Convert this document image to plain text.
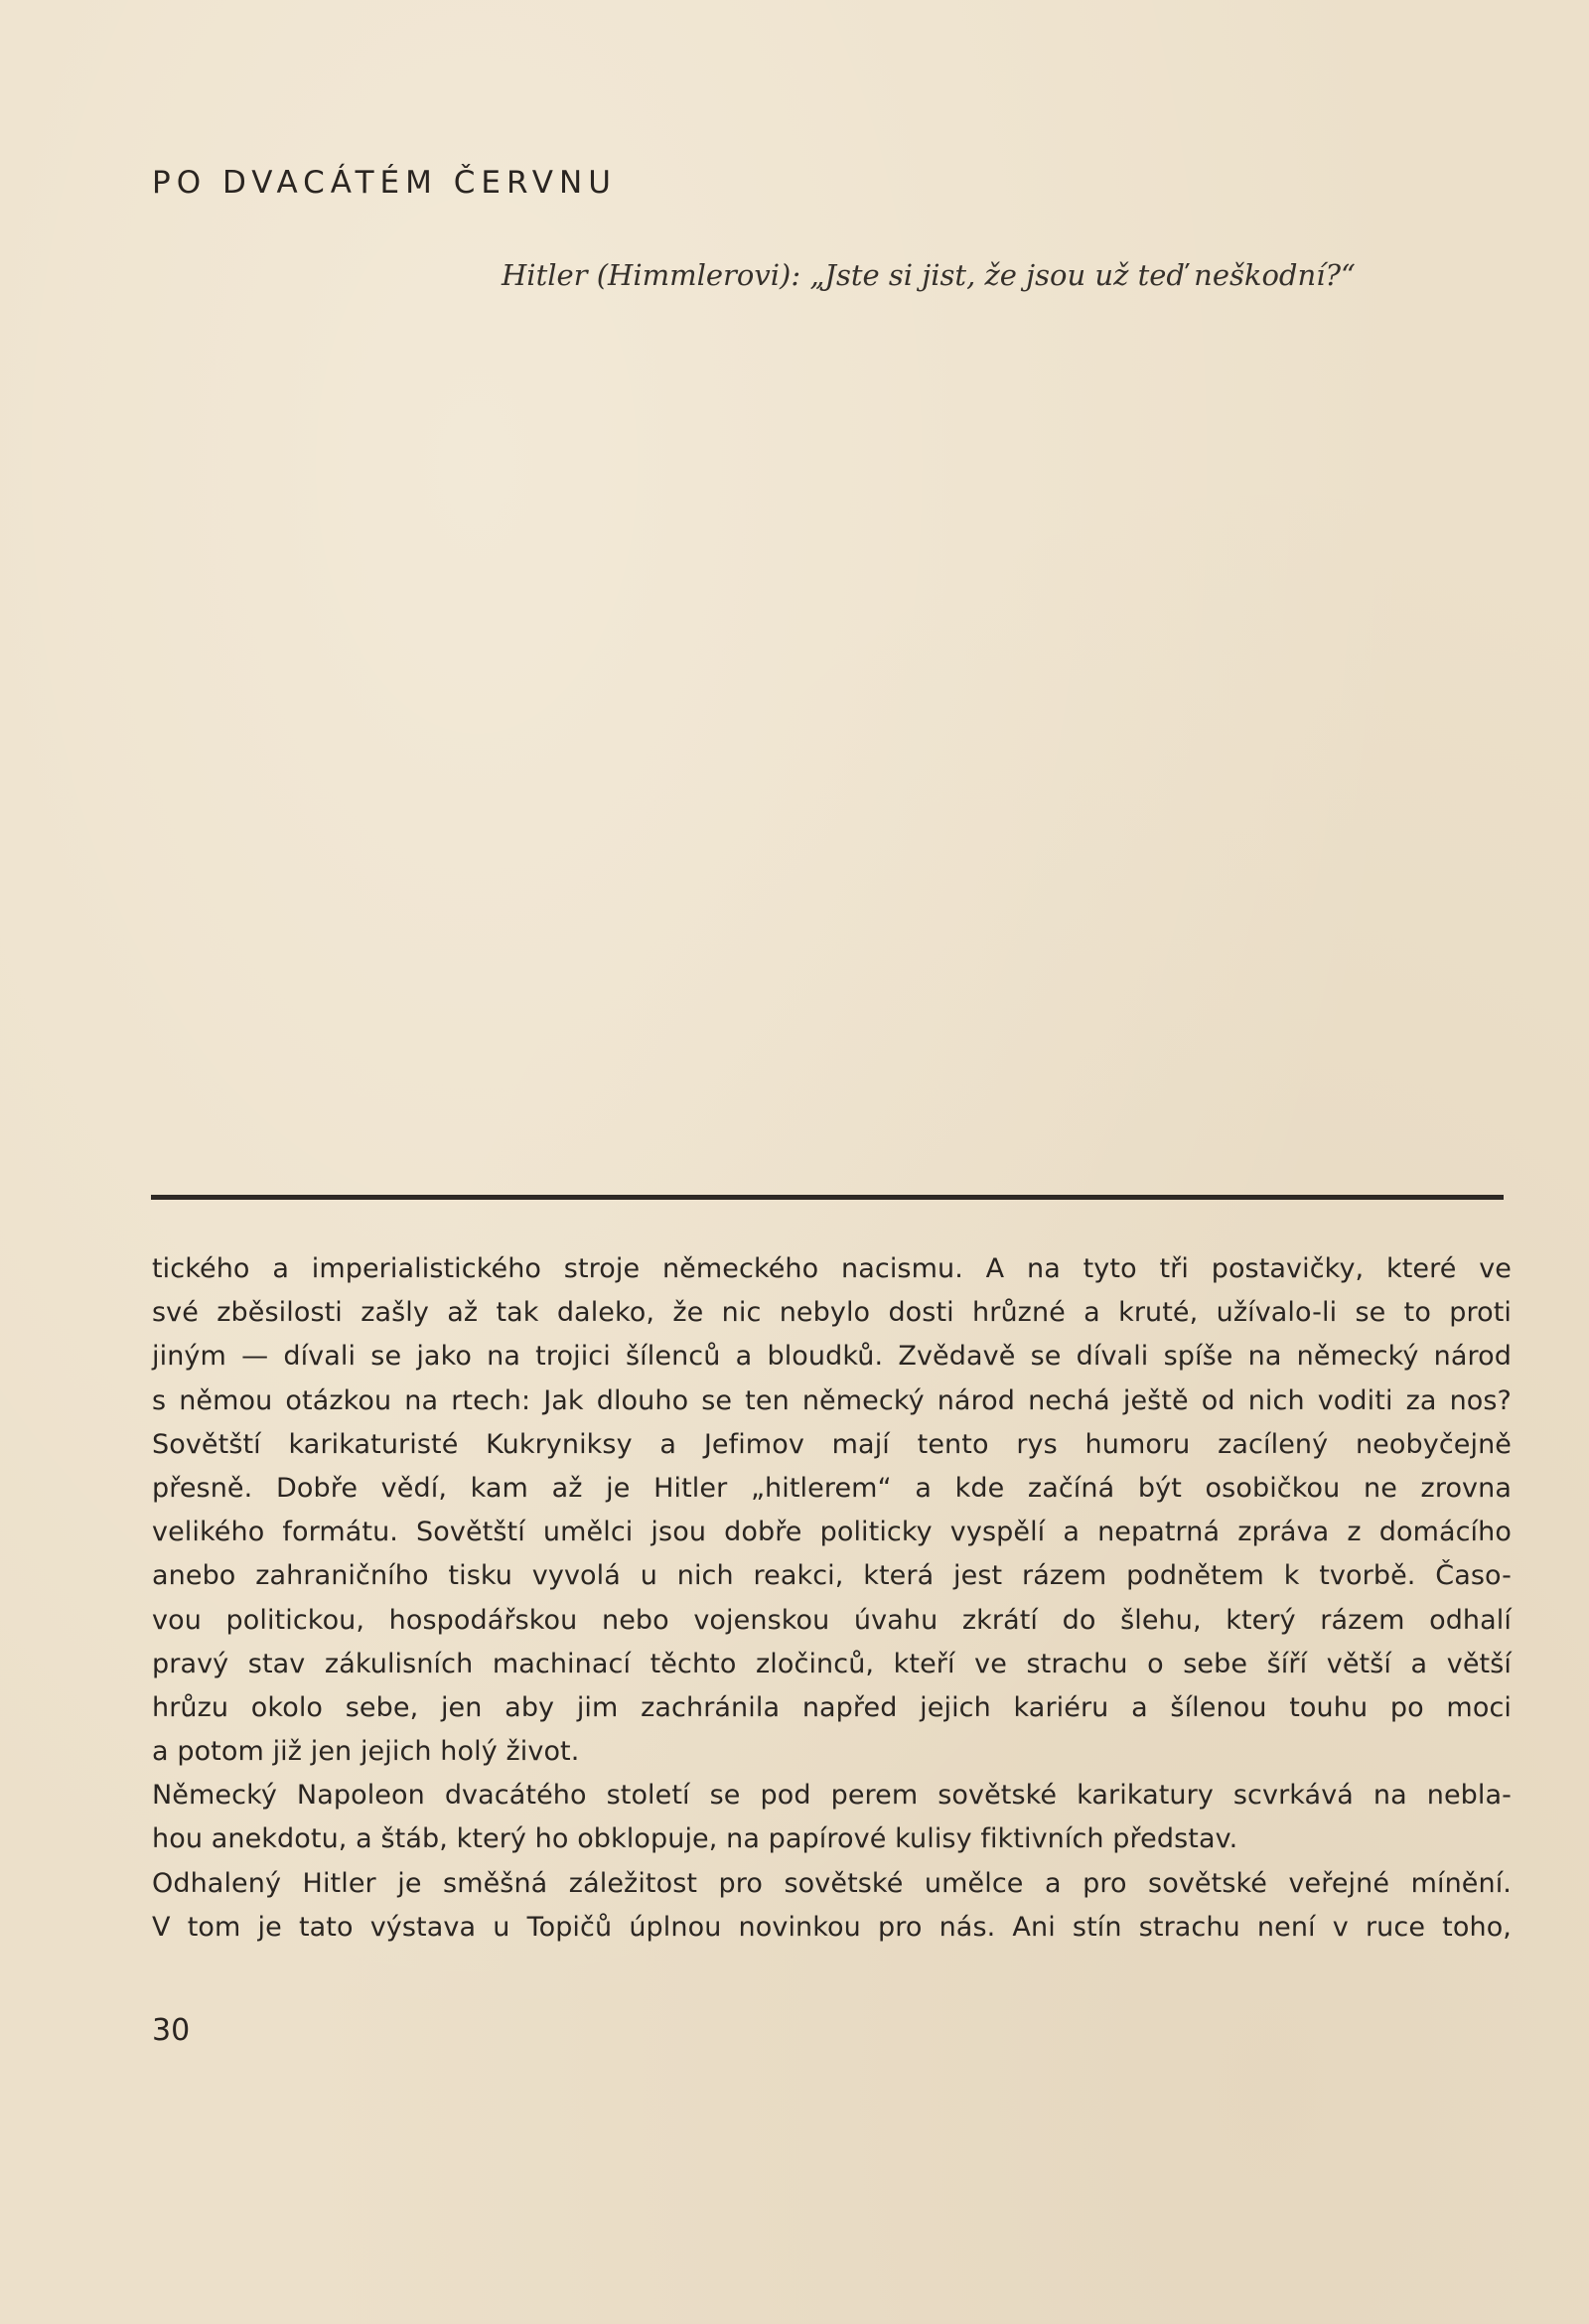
PO DVACÁTÉM ČERVNU
Hitler (Himmlerovi): „Jste si jist, že jsou už teď neškodní?“
tického a imperialistického stroje německého nacismu. A na tyto tři postavičky, které ve
své zběsilosti zašly až tak daleko, že nic nebylo dosti hrůzné a kruté, užívalo-li se to proti
jiným — dívali se jako na trojici šílenců a bloudků. Zvědavě se dívali spíše na německý národ
s němou otázkou na rtech: Jak dlouho se ten německý národ nechá ještě od nich voditi za nos?
Sovětští karikaturisté Kukryniksy a Jefimov mají tento rys humoru zacílený neobyčejně
přesně. Dobře vědí, kam až je Hitler „hitlerem“ a kde začíná být osobičkou ne zrovna
velikého formátu. Sovětští umělci jsou dobře politicky vyspělí a nepatrná zpráva z domácího
anebo zahraničního tisku vyvolá u nich reakci, která jest rázem podnětem k tvorbě. Časo-
vou politickou, hospodářskou nebo vojenskou úvahu zkrátí do šlehu, který rázem odhalí
pravý stav zákulisních machinací těchto zločinců, kteří ve strachu o sebe šíří větší a větší
hrůzu okolo sebe, jen aby jim zachránila napřed jejich kariéru a šílenou touhu po moci
a potom již jen jejich holý život.
Německý Napoleon dvacátého století se pod perem sovětské karikatury scvrkává na nebla-
hou anekdotu, a štáb, který ho obklopuje, na papírové kulisy fiktivních představ.
Odhalený Hitler je směšná záležitost pro sovětské umělce a pro sovětské veřejné mínění.
V tom je tato výstava u Topičů úplnou novinkou pro nás. Ani stín strachu není v ruce toho,
30
